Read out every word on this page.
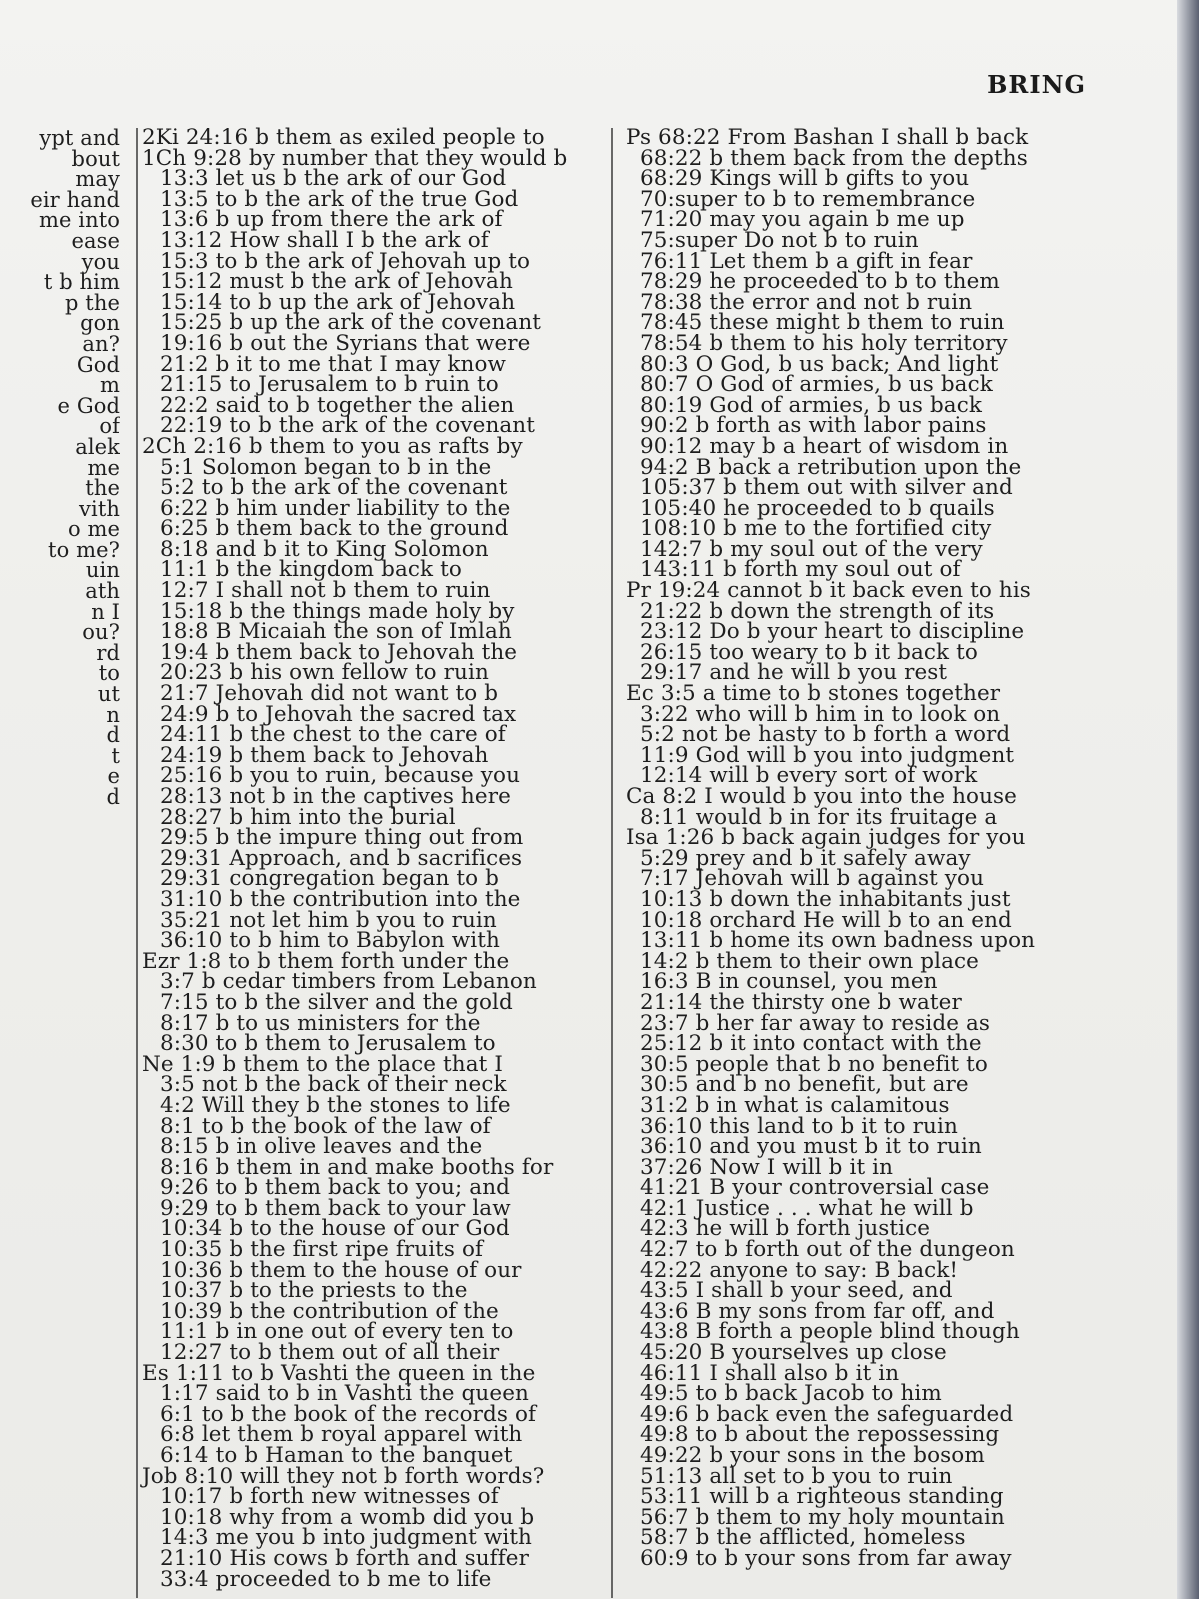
BRING
ypt and
bout
may
eir hand
me into
ease
you
t b him
p the
gon
an?
God
m
e God
of
alek
me
the
vith
o me
to me?
uin
ath
n I
ou?
rd
to
ut
n
d
t
e
d
2Ki 24:16 b them as exiled people to
1Ch 9:28 by number that they would b
13:3 let us b the ark of our God
13:5 to b the ark of the true God
13:6 b up from there the ark of
13:12 How shall I b the ark of
15:3 to b the ark of Jehovah up to
15:12 must b the ark of Jehovah
15:14 to b up the ark of Jehovah
15:25 b up the ark of the covenant
19:16 b out the Syrians that were
21:2 b it to me that I may know
21:15 to Jerusalem to b ruin to
22:2 said to b together the alien
22:19 to b the ark of the covenant
2Ch 2:16 b them to you as rafts by
5:1 Solomon began to b in the
5:2 to b the ark of the covenant
6:22 b him under liability to the
6:25 b them back to the ground
8:18 and b it to King Solomon
11:1 b the kingdom back to
12:7 I shall not b them to ruin
15:18 b the things made holy by
18:8 B Micaiah the son of Imlah
19:4 b them back to Jehovah the
20:23 b his own fellow to ruin
21:7 Jehovah did not want to b
24:9 b to Jehovah the sacred tax
24:11 b the chest to the care of
24:19 b them back to Jehovah
25:16 b you to ruin, because you
28:13 not b in the captives here
28:27 b him into the burial
29:5 b the impure thing out from
29:31 Approach, and b sacrifices
29:31 congregation began to b
31:10 b the contribution into the
35:21 not let him b you to ruin
36:10 to b him to Babylon with
Ezr 1:8 to b them forth under the
3:7 b cedar timbers from Lebanon
7:15 to b the silver and the gold
8:17 b to us ministers for the
8:30 to b them to Jerusalem to
Ne 1:9 b them to the place that I
3:5 not b the back of their neck
4:2 Will they b the stones to life
8:1 to b the book of the law of
8:15 b in olive leaves and the
8:16 b them in and make booths for
9:26 to b them back to you; and
9:29 to b them back to your law
10:34 b to the house of our God
10:35 b the first ripe fruits of
10:36 b them to the house of our
10:37 b to the priests to the
10:39 b the contribution of the
11:1 b in one out of every ten to
12:27 to b them out of all their
Es 1:11 to b Vashti the queen in the
1:17 said to b in Vashti the queen
6:1 to b the book of the records of
6:8 let them b royal apparel with
6:14 to b Haman to the banquet
Job 8:10 will they not b forth words?
10:17 b forth new witnesses of
10:18 why from a womb did you b
14:3 me you b into judgment with
21:10 His cows b forth and suffer
33:4 proceeded to b me to life
Ps 68:22 From Bashan I shall b back
68:22 b them back from the depths
68:29 Kings will b gifts to you
70:super to b to remembrance
71:20 may you again b me up
75:super Do not b to ruin
76:11 Let them b a gift in fear
78:29 he proceeded to b to them
78:38 the error and not b ruin
78:45 these might b them to ruin
78:54 b them to his holy territory
80:3 O God, b us back; And light
80:7 O God of armies, b us back
80:19 God of armies, b us back
90:2 b forth as with labor pains
90:12 may b a heart of wisdom in
94:2 B back a retribution upon the
105:37 b them out with silver and
105:40 he proceeded to b quails
108:10 b me to the fortified city
142:7 b my soul out of the very
143:11 b forth my soul out of
Pr 19:24 cannot b it back even to his
21:22 b down the strength of its
23:12 Do b your heart to discipline
26:15 too weary to b it back to
29:17 and he will b you rest
Ec 3:5 a time to b stones together
3:22 who will b him in to look on
5:2 not be hasty to b forth a word
11:9 God will b you into judgment
12:14 will b every sort of work
Ca 8:2 I would b you into the house
8:11 would b in for its fruitage a
Isa 1:26 b back again judges for you
5:29 prey and b it safely away
7:17 Jehovah will b against you
10:13 b down the inhabitants just
10:18 orchard He will b to an end
13:11 b home its own badness upon
14:2 b them to their own place
16:3 B in counsel, you men
21:14 the thirsty one b water
23:7 b her far away to reside as
25:12 b it into contact with the
30:5 people that b no benefit to
30:5 and b no benefit, but are
31:2 b in what is calamitous
36:10 this land to b it to ruin
36:10 and you must b it to ruin
37:26 Now I will b it in
41:21 B your controversial case
42:1 Justice . . . what he will b
42:3 he will b forth justice
42:7 to b forth out of the dungeon
42:22 anyone to say: B back!
43:5 I shall b your seed, and
43:6 B my sons from far off, and
43:8 B forth a people blind though
45:20 B yourselves up close
46:11 I shall also b it in
49:5 to b back Jacob to him
49:6 b back even the safeguarded
49:8 to b about the repossessing
49:22 b your sons in the bosom
51:13 all set to b you to ruin
53:11 will b a righteous standing
56:7 b them to my holy mountain
58:7 b the afflicted, homeless
60:9 to b your sons from far away
